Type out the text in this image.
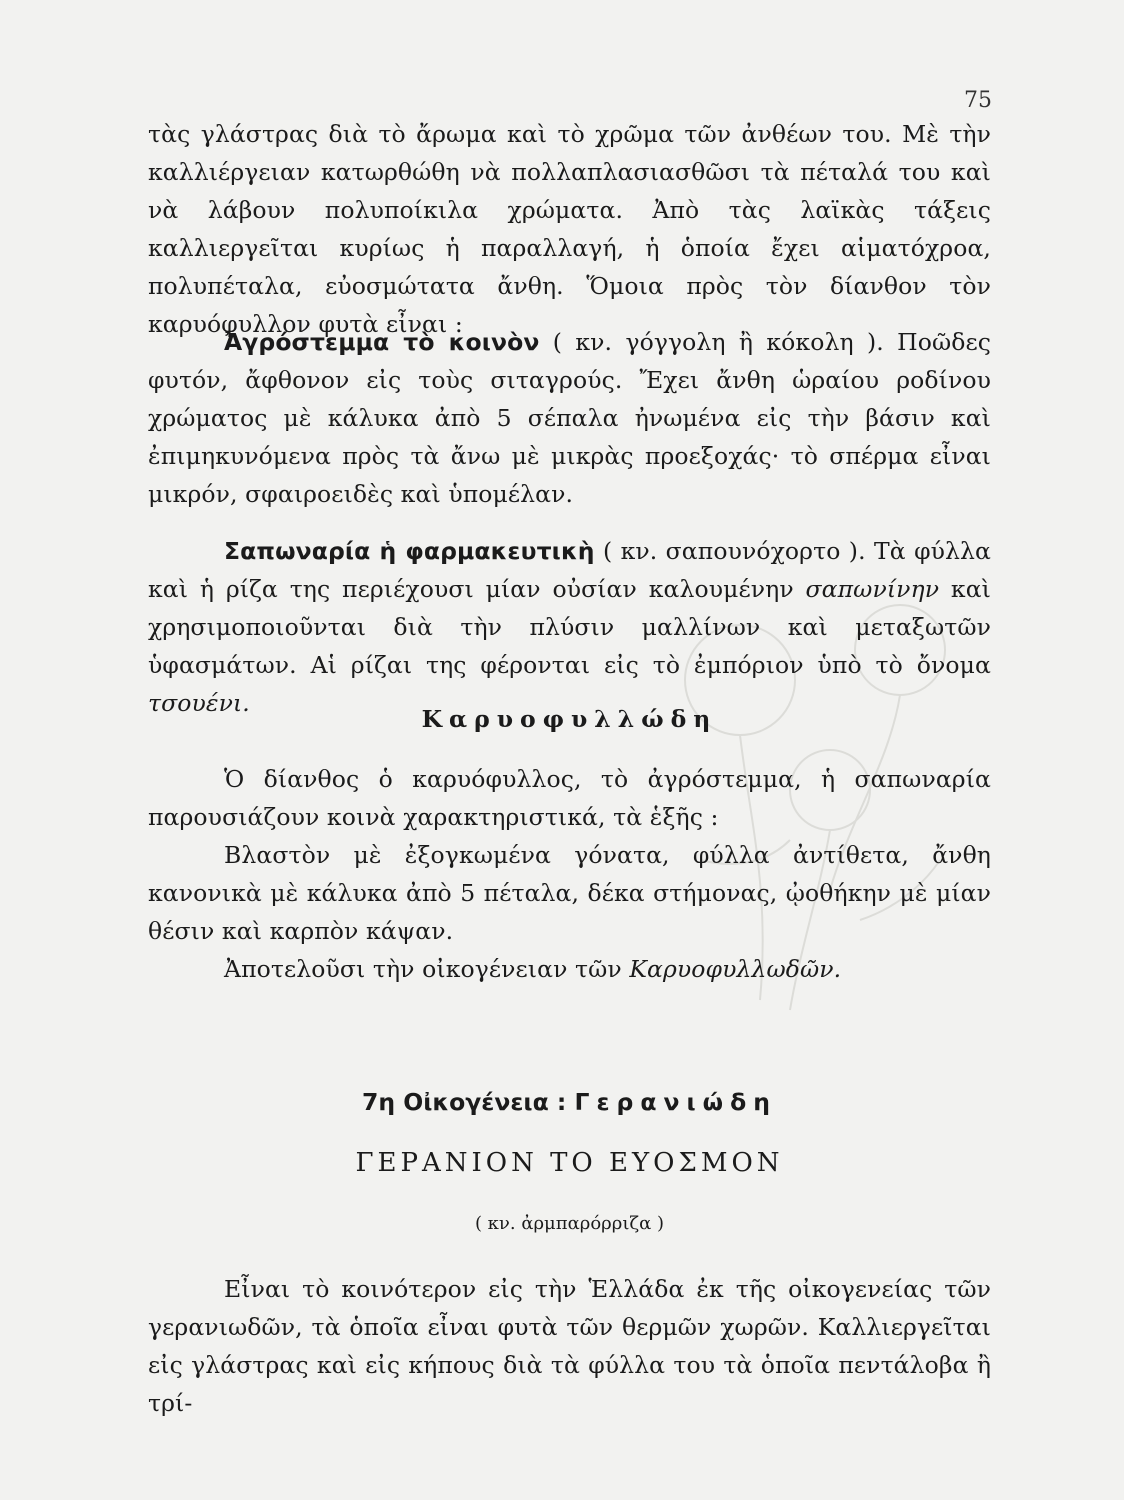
75

τὰς γλάστρας διὰ τὸ ἄρωμα καὶ τὸ χρῶμα τῶν ἀνθέων του. Μὲ τὴν καλλιέργειαν κατωρθώθη νὰ πολλαπλασιασθῶσι τὰ πέταλά του καὶ νὰ λάβουν πολυποίκιλα χρώματα. Ἀπὸ τὰς λαϊκὰς τάξεις καλλιεργεῖται κυρίως ἡ παραλλαγή, ἡ ὁποία ἔχει αἱματόχροα, πολυπέταλα, εὐοσμώτατα ἄνθη. Ὅμοια πρὸς τὸν δίανθον τὸν καρυόφυλλον φυτὰ εἶναι :

Ἀγρόστεμμα τὸ κοινὸν ( κν. γόγγολη ἢ κόκολη ). Ποῶδες φυτόν, ἄφθονον εἰς τοὺς σιταγρούς. Ἔχει ἄνθη ὡραίου ροδίνου χρώματος μὲ κάλυκα ἀπὸ 5 σέπαλα ἠνωμένα εἰς τὴν βάσιν καὶ ἐπιμηκυνόμενα πρὸς τὰ ἄνω μὲ μικρὰς προεξοχάς· τὸ σπέρμα εἶναι μικρόν, σφαιροειδὲς καὶ ὑπομέλαν.

Σαπωναρία ἡ φαρμακευτικὴ ( κν. σαπουνόχορτο ). Τὰ φύλλα καὶ ἡ ρίζα της περιέχουσι μίαν οὐσίαν καλουμένην σαπωνίνην καὶ χρησιμοποιοῦνται διὰ τὴν πλύσιν μαλλίνων καὶ μεταξωτῶν ὑφασμάτων. Αἱ ρίζαι της φέρονται εἰς τὸ ἐμπόριον ὑπὸ τὸ ὄνομα τσουένι.

Καρυοφυλλώδη

Ὁ δίανθος ὁ καρυόφυλλος, τὸ ἀγρόστεμμα, ἡ σαπωναρία παρουσιάζουν κοινὰ χαρακτηριστικά, τὰ ἑξῆς :

Βλαστὸν μὲ ἐξογκωμένα γόνατα, φύλλα ἀντίθετα, ἄνθη κανονικὰ μὲ κάλυκα ἀπὸ 5 πέταλα, δέκα στήμονας, ᾠοθήκην μὲ μίαν θέσιν καὶ καρπὸν κάψαν.

Ἀποτελοῦσι τὴν οἰκογένειαν τῶν Καρυοφυλλωδῶν.

7η Οἰκογένεια : Γερανιώδη
ΓΕΡΑΝΙΟΝ ΤΟ ΕΥΟΣΜΟΝ
( κν. ἀρμπαρόρριζα )

Εἶναι τὸ κοινότερον εἰς τὴν Ἑλλάδα ἐκ τῆς οἰκογενείας τῶν γερανιωδῶν, τὰ ὁποῖα εἶναι φυτὰ τῶν θερμῶν χωρῶν. Καλλιεργεῖται εἰς γλάστρας καὶ εἰς κήπους διὰ τὰ φύλλα του τὰ ὁποῖα πεντάλοβα ἢ τρί-
